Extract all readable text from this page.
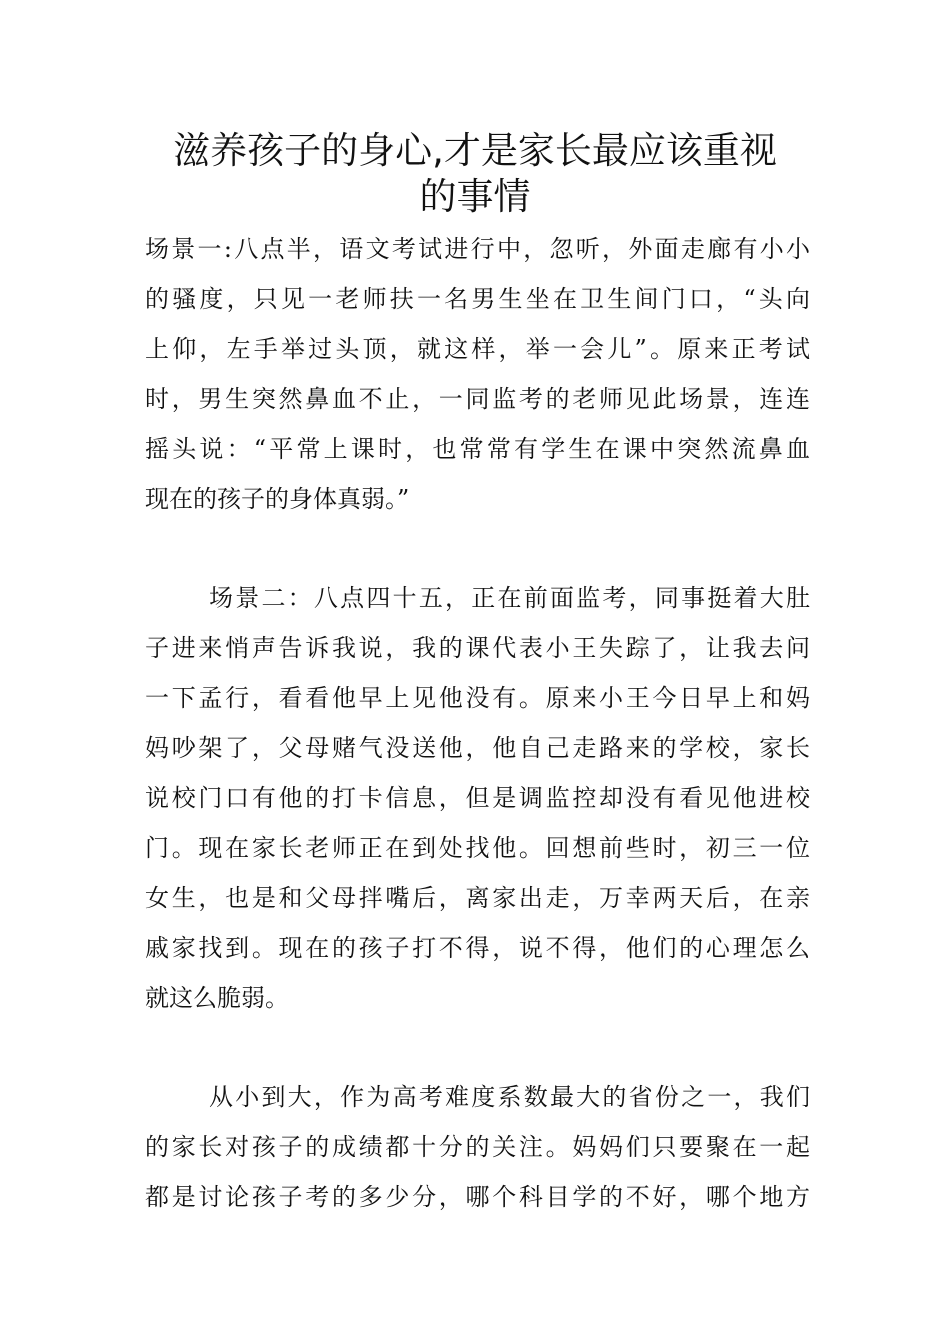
滋养孩子的身心,才是家长最应该重视
的事情
场景一:八点半，语文考试进行中，忽听，外面走廊有小小
的骚度，只见一老师扶一名男生坐在卫生间门口，“头向
上仰，左手举过头顶，就这样，举一会儿”。原来正考试
时，男生突然鼻血不止，一同监考的老师见此场景，连连
摇头说：“平常上课时，也常常有学生在课中突然流鼻血
现在的孩子的身体真弱。”
场景二：八点四十五，正在前面监考，同事挺着大肚
子进来悄声告诉我说，我的课代表小王失踪了，让我去问
一下孟行，看看他早上见他没有。原来小王今日早上和妈
妈吵架了，父母赌气没送他，他自己走路来的学校，家长
说校门口有他的打卡信息，但是调监控却没有看见他进校
门。现在家长老师正在到处找他。回想前些时，初三一位
女生，也是和父母拌嘴后，离家出走，万幸两天后，在亲
戚家找到。现在的孩子打不得，说不得，他们的心理怎么
就这么脆弱。
从小到大，作为高考难度系数最大的省份之一，我们
的家长对孩子的成绩都十分的关注。妈妈们只要聚在一起
都是讨论孩子考的多少分，哪个科目学的不好，哪个地方
